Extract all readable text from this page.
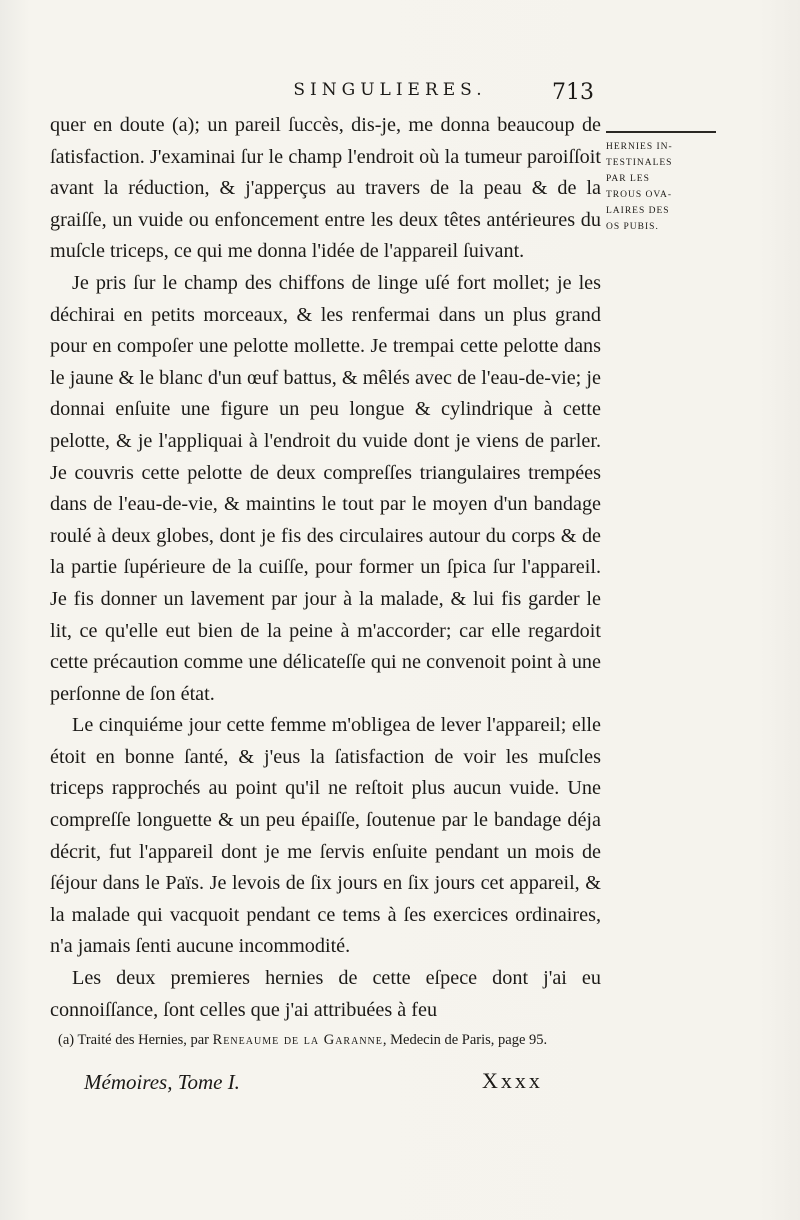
SINGULIERES.	713

quer en doute (a); un pareil ſuccès, dis-je, me donna beaucoup de ſatisfaction. J'examinai ſur le champ l'endroit où la tumeur paroiſſoit avant la réduction, & j'apperçus au travers de la peau & de la graiſſe, un vuide ou enfoncement entre les deux têtes antérieures du muſcle triceps, ce qui me donna l'idée de l'appareil ſuivant.

Je pris ſur le champ des chiffons de linge uſé fort mollet; je les déchirai en petits morceaux, & les renfermai dans un plus grand pour en compoſer une pelotte mollette. Je trempai cette pelotte dans le jaune & le blanc d'un œuf battus, & mêlés avec de l'eau-de-vie; je donnai enſuite une figure un peu longue & cylindrique à cette pelotte, & je l'appliquai à l'endroit du vuide dont je viens de parler. Je couvris cette pelotte de deux compreſſes triangulaires trempées dans de l'eau-de-vie, & maintins le tout par le moyen d'un bandage roulé à deux globes, dont je fis des circulaires autour du corps & de la partie ſupérieure de la cuiſſe, pour former un ſpica ſur l'appareil. Je fis donner un lavement par jour à la malade, & lui fis garder le lit, ce qu'elle eut bien de la peine à m'accorder; car elle regardoit cette précaution comme une délicateſſe qui ne convenoit point à une perſonne de ſon état.

Le cinquiéme jour cette femme m'obligea de lever l'appareil; elle étoit en bonne ſanté, & j'eus la ſatisfaction de voir les muſcles triceps rapprochés au point qu'il ne reſtoit plus aucun vuide. Une compreſſe longuette & un peu épaiſſe, ſoutenue par le bandage déja décrit, fut l'appareil dont je me ſervis enſuite pendant un mois de ſéjour dans le Païs. Je levois de ſix jours en ſix jours cet appareil, & la malade qui vacquoit pendant ce tems à ſes exercices ordinaires, n'a jamais ſenti aucune incommodité.

Les deux premieres hernies de cette eſpece dont j'ai eu connoiſſance, ſont celles que j'ai attribuées à feu

HERNIES IN-
TESTINALES
PAR LES
TROUS OVA-
LAIRES DES
OS PUBIS.
(a) Traité des Hernies, par Reneaume de la Garanne, Medecin de Paris, page 95.
Mémoires, Tome I.	Xxxx
